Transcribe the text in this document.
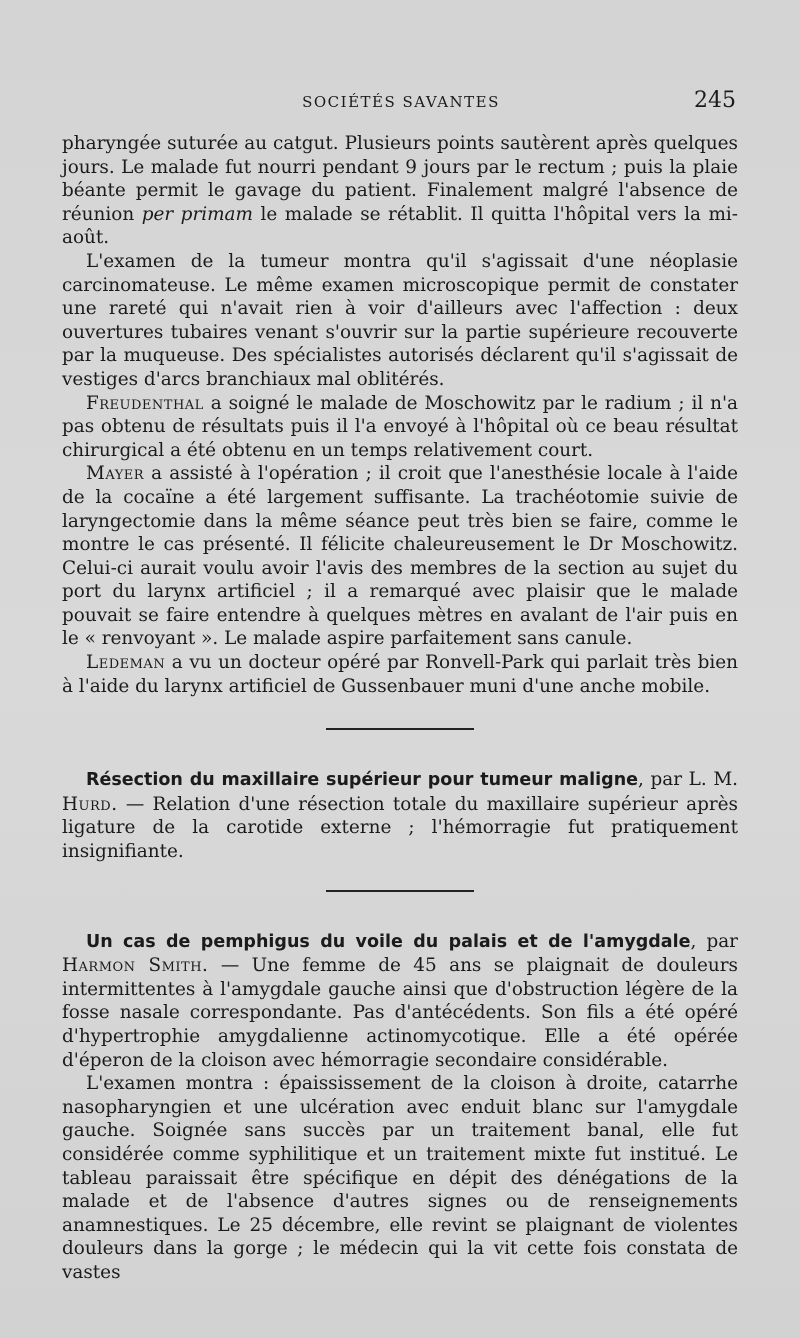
SOCIÉTÉS SAVANTES	245

pharyngée suturée au catgut. Plusieurs points sautèrent après quelques jours. Le malade fut nourri pendant 9 jours par le rectum ; puis la plaie béante permit le gavage du patient. Finalement malgré l'absence de réunion per primam le malade se rétablit. Il quitta l'hôpital vers la mi-août.

L'examen de la tumeur montra qu'il s'agissait d'une néoplasie carcinomateuse. Le même examen microscopique permit de constater une rareté qui n'avait rien à voir d'ailleurs avec l'affection : deux ouvertures tubaires venant s'ouvrir sur la partie supérieure recouverte par la muqueuse. Des spécialistes autorisés déclarent qu'il s'agissait de vestiges d'arcs branchiaux mal oblitérés.

Freudenthal a soigné le malade de Moschowitz par le radium ; il n'a pas obtenu de résultats puis il l'a envoyé à l'hôpital où ce beau résultat chirurgical a été obtenu en un temps relativement court.

Mayer a assisté à l'opération ; il croit que l'anesthésie locale à l'aide de la cocaïne a été largement suffisante. La trachéotomie suivie de laryngectomie dans la même séance peut très bien se faire, comme le montre le cas présenté. Il félicite chaleureusement le Dr Moschowitz. Celui-ci aurait voulu avoir l'avis des membres de la section au sujet du port du larynx artificiel ; il a remarqué avec plaisir que le malade pouvait se faire entendre à quelques mètres en avalant de l'air puis en le « renvoyant ». Le malade aspire parfaitement sans canule.

Ledeman a vu un docteur opéré par Ronvell-Park qui parlait très bien à l'aide du larynx artificiel de Gussenbauer muni d'une anche mobile.

Résection du maxillaire supérieur pour tumeur maligne, par L. M. Hurd. — Relation d'une résection totale du maxillaire supérieur après ligature de la carotide externe ; l'hémorragie fut pratiquement insignifiante.

Un cas de pemphigus du voile du palais et de l'amygdale, par Harmon Smith. — Une femme de 45 ans se plaignait de douleurs intermittentes à l'amygdale gauche ainsi que d'obstruction légère de la fosse nasale correspondante. Pas d'antécédents. Son fils a été opéré d'hypertrophie amygdalienne actinomycotique. Elle a été opérée d'éperon de la cloison avec hémorragie secondaire considérable.

L'examen montra : épaississement de la cloison à droite, catarrhe nasopharyngien et une ulcération avec enduit blanc sur l'amygdale gauche. Soignée sans succès par un traitement banal, elle fut considérée comme syphilitique et un traitement mixte fut institué. Le tableau paraissait être spécifique en dépit des dénégations de la malade et de l'absence d'autres signes ou de renseignements anamnestiques. Le 25 décembre, elle revint se plaignant de violentes douleurs dans la gorge ; le médecin qui la vit cette fois constata de vastes
